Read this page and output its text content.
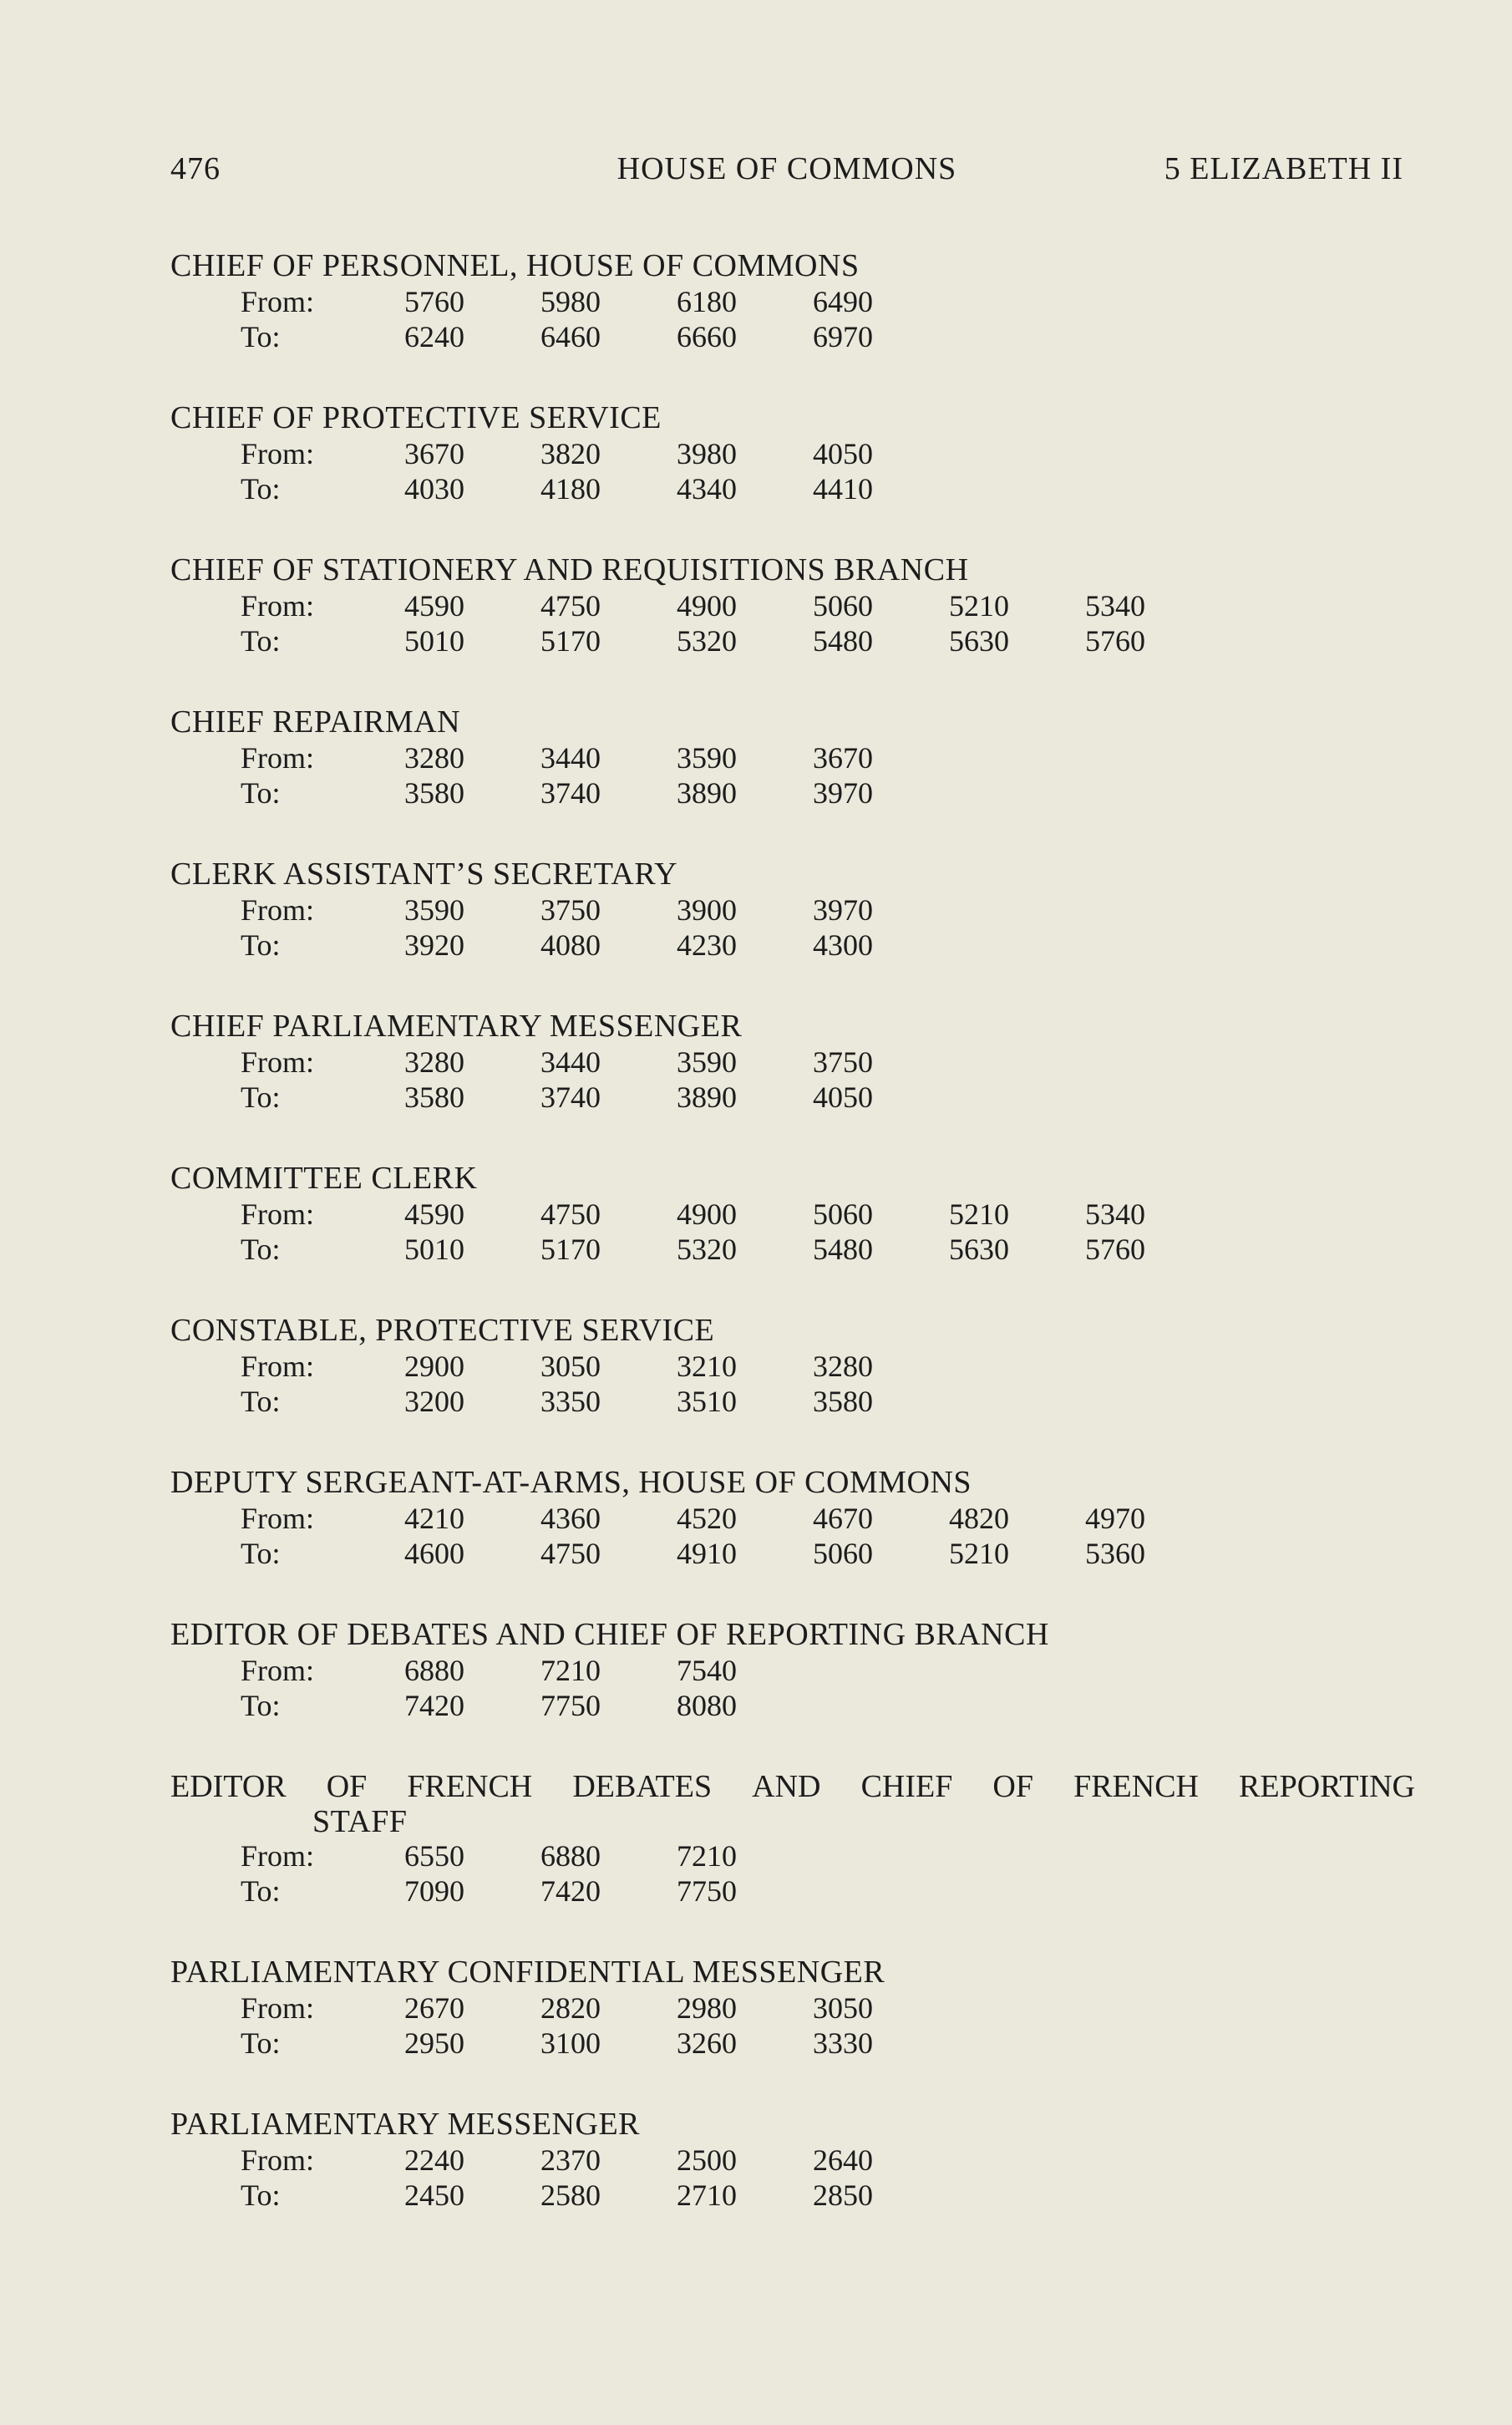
476	HOUSE OF COMMONS	5 ELIZABETH II
CHIEF OF PERSONNEL, HOUSE OF COMMONS
From:	5760	5980	6180	6490
To:	6240	6460	6660	6970
CHIEF OF PROTECTIVE SERVICE
From:	3670	3820	3980	4050
To:	4030	4180	4340	4410
CHIEF OF STATIONERY AND REQUISITIONS BRANCH
From:	4590	4750	4900	5060	5210	5340
To:	5010	5170	5320	5480	5630	5760
CHIEF REPAIRMAN
From:	3280	3440	3590	3670
To:	3580	3740	3890	3970
CLERK ASSISTANT’S SECRETARY
From:	3590	3750	3900	3970
To:	3920	4080	4230	4300
CHIEF PARLIAMENTARY MESSENGER
From:	3280	3440	3590	3750
To:	3580	3740	3890	4050
COMMITTEE CLERK
From:	4590	4750	4900	5060	5210	5340
To:	5010	5170	5320	5480	5630	5760
CONSTABLE, PROTECTIVE SERVICE
From:	2900	3050	3210	3280
To:	3200	3350	3510	3580
DEPUTY SERGEANT-AT-ARMS, HOUSE OF COMMONS
From:	4210	4360	4520	4670	4820	4970
To:	4600	4750	4910	5060	5210	5360
EDITOR OF DEBATES AND CHIEF OF REPORTING BRANCH
From:	6880	7210	7540
To:	7420	7750	8080
EDITOR OF FRENCH DEBATES AND CHIEF OF FRENCH REPORTING
STAFF
From:	6550	6880	7210
To:	7090	7420	7750
PARLIAMENTARY CONFIDENTIAL MESSENGER
From:	2670	2820	2980	3050
To:	2950	3100	3260	3330
PARLIAMENTARY MESSENGER
From:	2240	2370	2500	2640
To:	2450	2580	2710	2850
